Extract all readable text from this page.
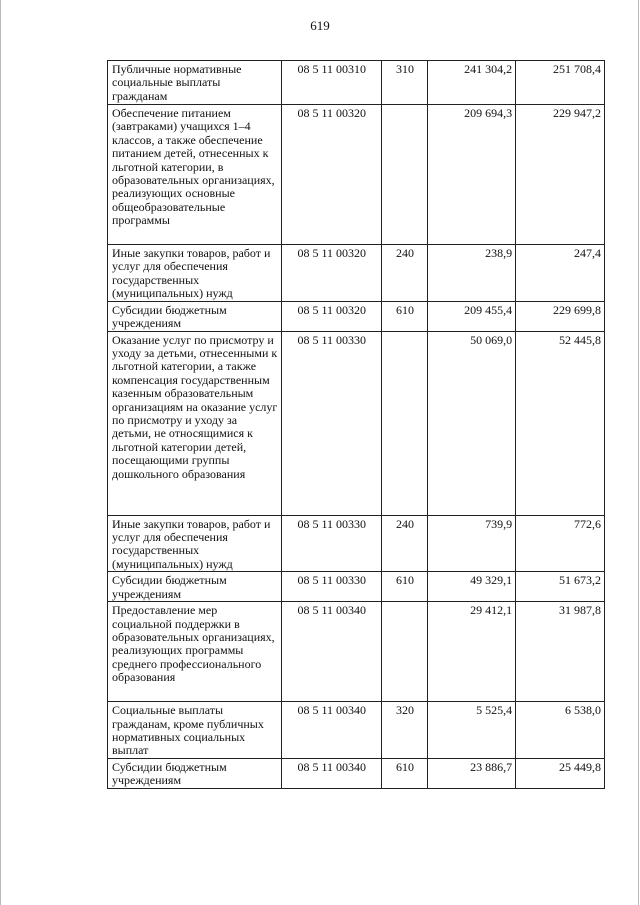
619
Публичные нормативные социальные выплаты гражданам	08 5 11 00310	310	241 304,2	251 708,4
Обеспечение питанием (завтраками) учащихся 1–4 классов, а также обеспечение питанием детей, отнесенных к льготной категории, в образовательных организациях, реализующих основные общеобразовательные программы	08 5 11 00320		209 694,3	229 947,2
Иные закупки товаров, работ и услуг для обеспечения государственных (муниципальных) нужд	08 5 11 00320	240	238,9	247,4
Субсидии бюджетным учреждениям	08 5 11 00320	610	209 455,4	229 699,8
Оказание услуг по присмотру и уходу за детьми, отнесенными к льготной категории, а также компенсация государственным казенным образовательным организациям на оказание услуг по присмотру и уходу за детьми, не относящимися к льготной категории детей, посещающими группы дошкольного образования	08 5 11 00330		50 069,0	52 445,8
Иные закупки товаров, работ и услуг для обеспечения государственных (муниципальных) нужд	08 5 11 00330	240	739,9	772,6
Субсидии бюджетным учреждениям	08 5 11 00330	610	49 329,1	51 673,2
Предоставление мер социальной поддержки в образовательных организациях, реализующих программы среднего профессионального образования	08 5 11 00340		29 412,1	31 987,8
Социальные выплаты гражданам, кроме публичных нормативных социальных выплат	08 5 11 00340	320	5 525,4	6 538,0
Субсидии бюджетным учреждениям	08 5 11 00340	610	23 886,7	25 449,8
